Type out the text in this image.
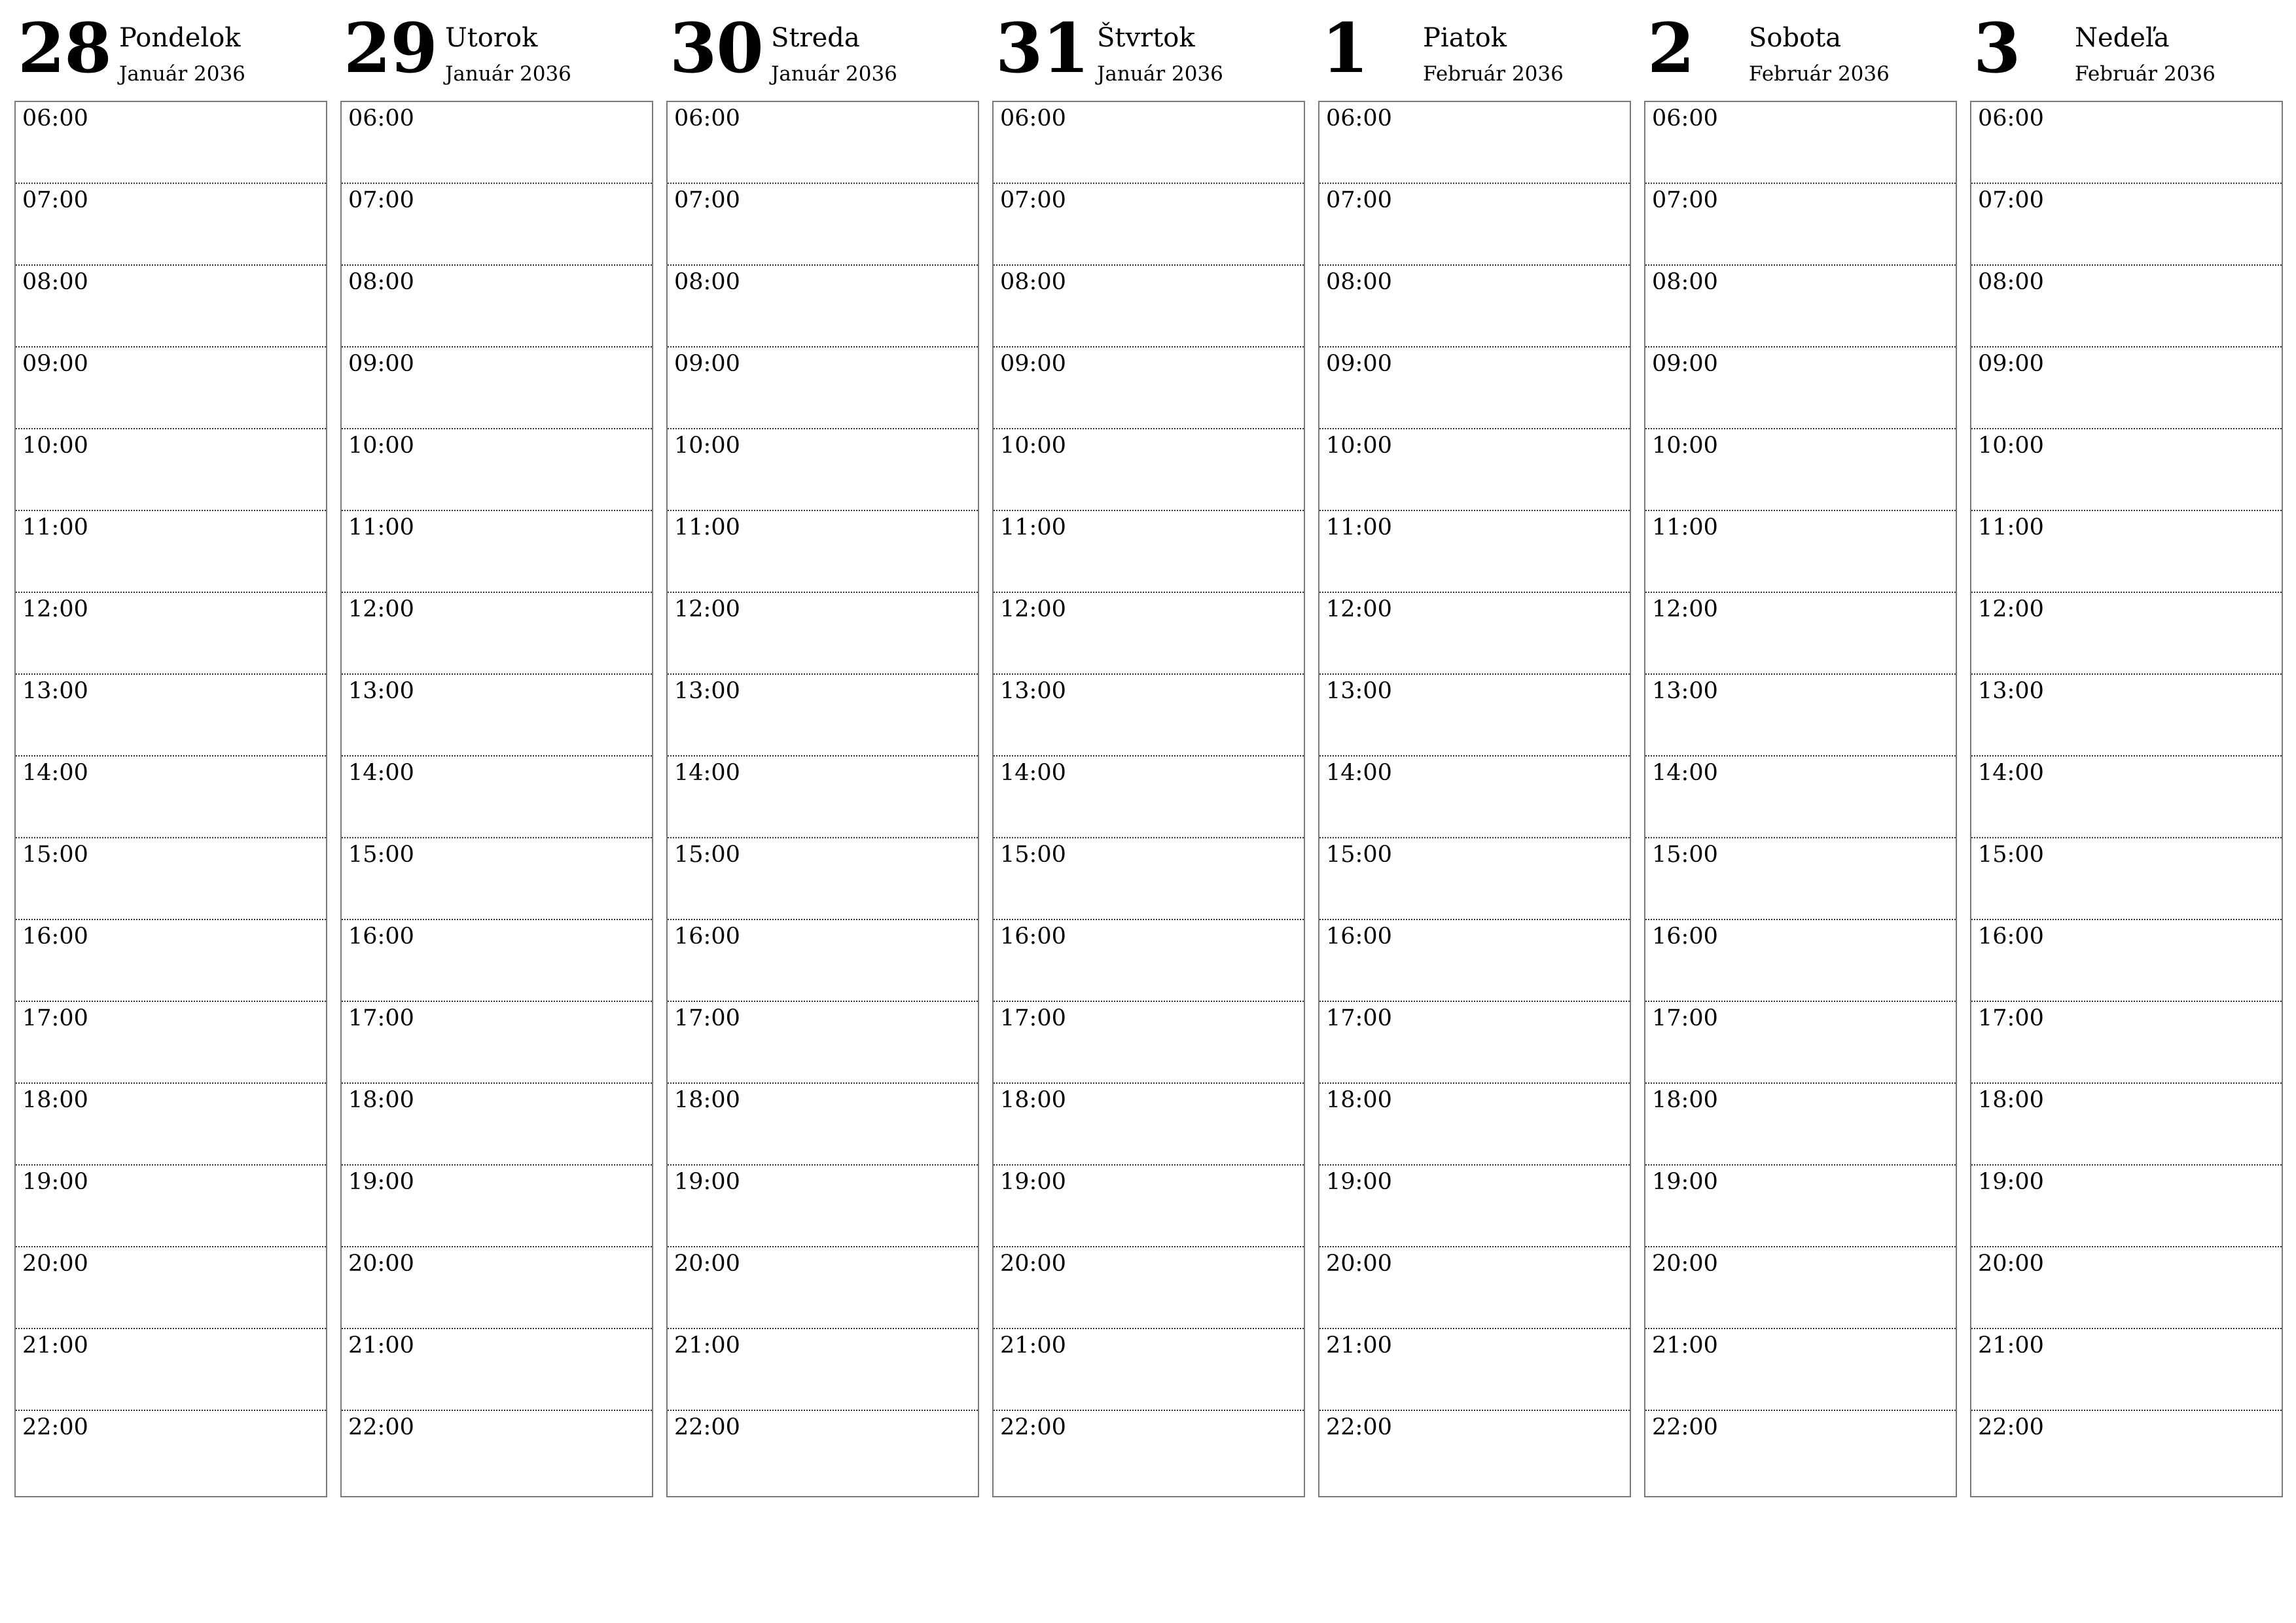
28 Pondelok
Január 2036
06:00
07:00
08:00
09:00
10:00
11:00
12:00
13:00
14:00
15:00
16:00
17:00
18:00
19:00
20:00
21:00
22:00
29 Utorok
Január 2036
06:00
07:00
08:00
09:00
10:00
11:00
12:00
13:00
14:00
15:00
16:00
17:00
18:00
19:00
20:00
21:00
22:00
30 Streda
Január 2036
06:00
07:00
08:00
09:00
10:00
11:00
12:00
13:00
14:00
15:00
16:00
17:00
18:00
19:00
20:00
21:00
22:00
31 Štvrtok
Január 2036
06:00
07:00
08:00
09:00
10:00
11:00
12:00
13:00
14:00
15:00
16:00
17:00
18:00
19:00
20:00
21:00
22:00
1 Piatok
Február 2036
06:00
07:00
08:00
09:00
10:00
11:00
12:00
13:00
14:00
15:00
16:00
17:00
18:00
19:00
20:00
21:00
22:00
2 Sobota
Február 2036
06:00
07:00
08:00
09:00
10:00
11:00
12:00
13:00
14:00
15:00
16:00
17:00
18:00
19:00
20:00
21:00
22:00
3 Nedeľa
Február 2036
06:00
07:00
08:00
09:00
10:00
11:00
12:00
13:00
14:00
15:00
16:00
17:00
18:00
19:00
20:00
21:00
22:00
